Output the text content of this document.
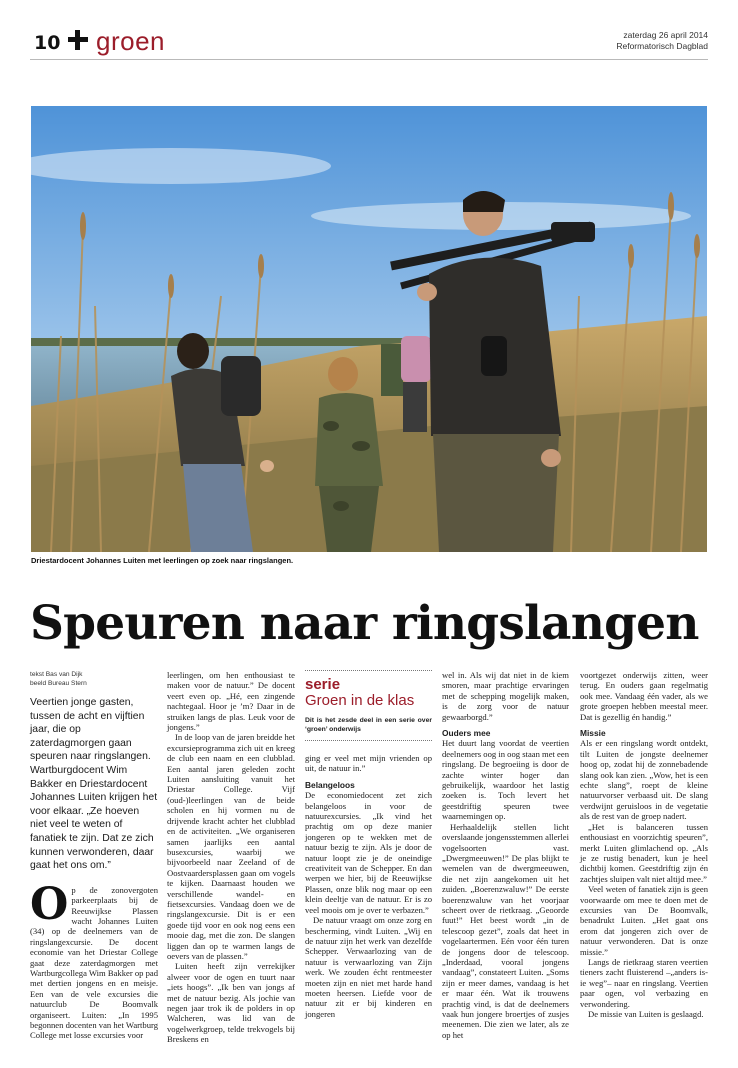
10 groen	zaterdag 26 april 2014
Reformatorisch Dagblad
Driestardocent Johannes Luiten met leerlingen op zoek naar ringslangen.
Speuren naar ringslangen
tekst Bas van Dijk
beeld Bureau Stern
Veertien jonge gasten, tussen de acht en vijftien jaar, die op zaterdagmorgen gaan speuren naar ringslangen. Wartburgdocent Wim Bakker en Driestardocent Johannes Luiten krijgen het voor elkaar. „Ze hoeven niet veel te weten of fanatiek te zijn. Dat ze zich kunnen verwonderen, daar gaat het ons om.”

Op de zonovergoten parkeerplaats bij de Reeuwijkse Plassen wacht Johannes Luiten (34) op de deelnemers van de ringslangexcursie. De docent economie van het Driestar College gaat deze zaterdagmorgen met Wartburgcollega Wim Bakker op pad met dertien jongens en en meisje. Een van de vele excursies die natuurclub De Boomvalk organiseert. Luiten: „In 1995 begonnen docenten van het Wartburg College met losse excursies voor

leerlingen, om hen enthousiast te maken voor de natuur.” De docent veert even op. „Hé, een zingende nachtegaal. Hoor je ’m? Daar in de struiken langs de plas. Leuk voor de jongens.”

In de loop van de jaren breidde het excursieprogramma zich uit en kreeg de club een naam en een clubblad. Een aantal jaren geleden zocht Luiten aansluiting vanuit het Driestar College. Vijf (oud-)leerlingen van de beide scholen en hij vormen nu de drijvende kracht achter het clubblad en de activiteiten. „We organiseren samen jaarlijks een aantal busexcursies, waarbij we bijvoorbeeld naar Zeeland of de Oostvaardersplassen gaan om vogels te kijken. Daarnaast houden we verschillende wandel- en fietsexcursies. Vandaag doen we de ringslangexcursie. Dit is er een goede tijd voor en ook nog eens een mooie dag, met die zon. De slangen liggen dan op te warmen langs de oevers van de plassen.”

Luiten heeft zijn verrekijker alweer voor de ogen en tuurt naar „iets hoogs”. „Ik ben van jongs af met de natuur bezig. Als jochie van negen jaar trok ik de polders in op Walcheren, was lid van de vogelwerkgroep, telde trekvogels bij Breskens en

serie
Groen in de klas
Dit is het zesde deel in een serie over ‘groen’ onderwijs

ging er veel met mijn vrienden op uit, de natuur in.”

Belangeloos

De economiedocent zet zich belangeloos in voor de natuurexcursies. „Ik vind het prachtig om op deze manier jongeren op te wekken met de natuur bezig te zijn. Als je door de natuur loopt zie je de oneindige creativiteit van de Schepper. En dan werpen we hier, bij de Reeuwijkse Plassen, onze blik nog maar op een klein deeltje van de natuur. Er is zo veel moois om je over te verbazen.”

De natuur vraagt om onze zorg en bescherming, vindt Luiten. „Wij en de natuur zijn het werk van dezelfde Schepper. Verwaarlozing van de natuur is verwaarlozing van Zijn werk. We zouden écht rentmeester moeten zijn en niet met harde hand moeten heersen. Liefde voor de natuur zit er bij kinderen en jongeren

wel in. Als wij dat niet in de kiem smoren, maar prachtige ervaringen met de schepping mogelijk maken, is de zorg voor de natuur gewaarborgd.”

Ouders mee

Het duurt lang voordat de veertien deelnemers oog in oog staan met een ringslang. De begroeiing is door de zachte winter hoger dan gebruikelijk, waardoor het lastig zoeken is. Toch levert het geestdriftig speuren twee waarnemingen op.

Herhaaldelijk stellen licht overslaande jongensstemmen allerlei vogelsoorten vast. „Dwergmeeuwen!” De plas blijkt te wemelen van de dwergmeeuwen, die net zijn aangekomen uit het zuiden. „Boerenzwaluw!” De eerste boerenzwaluw van het voorjaar scheert over de rietkraag. „Geoorde fuut!” Het beest wordt „in de telescoop gezet”, zoals dat heet in vogelaartermen. Eén voor één turen de jongens door de telescoop. „Inderdaad, vooral jongens vandaag”, constateert Luiten. „Soms zijn er meer dames, vandaag is het er maar één. Wat ik trouwens prachtig vind, is dat de deelnemers vaak hun jongere broertjes of zusjes meenemen. Die zien we later, als ze op het

voortgezet onderwijs zitten, weer terug. En ouders gaan regelmatig ook mee. Vandaag één vader, als we grote groepen hebben meestal meer. Dat is gezellig én handig.”

Missie

Als er een ringslang wordt ontdekt, tilt Luiten de jongste deelnemer hoog op, zodat hij de zonnebadende slang ook kan zien. „Wow, het is een echte slang”, roept de kleine natuurvorser verbaasd uit. De slang verdwijnt geruisloos in de vegetatie als de rest van de groep nadert.

„Het is balanceren tussen enthousiast en voorzichtig speuren”, merkt Luiten glimlachend op. „Als je ze rustig benadert, kun je heel dichtbij komen. Geestdriftig zijn én zachtjes sluipen valt niet altijd mee.”

Veel weten of fanatiek zijn is geen voorwaarde om mee te doen met de excursies van De Boomvalk, benadrukt Luiten. „Het gaat ons erom dat jongeren zich over de natuur verwonderen. Dat is onze missie.”

Langs de rietkraag staren veertien tieners zacht fluisterend –„anders is-ie weg”– naar en ringslang. Veertien paar ogen, vol verbazing en verwondering.

De missie van Luiten is geslaagd.
